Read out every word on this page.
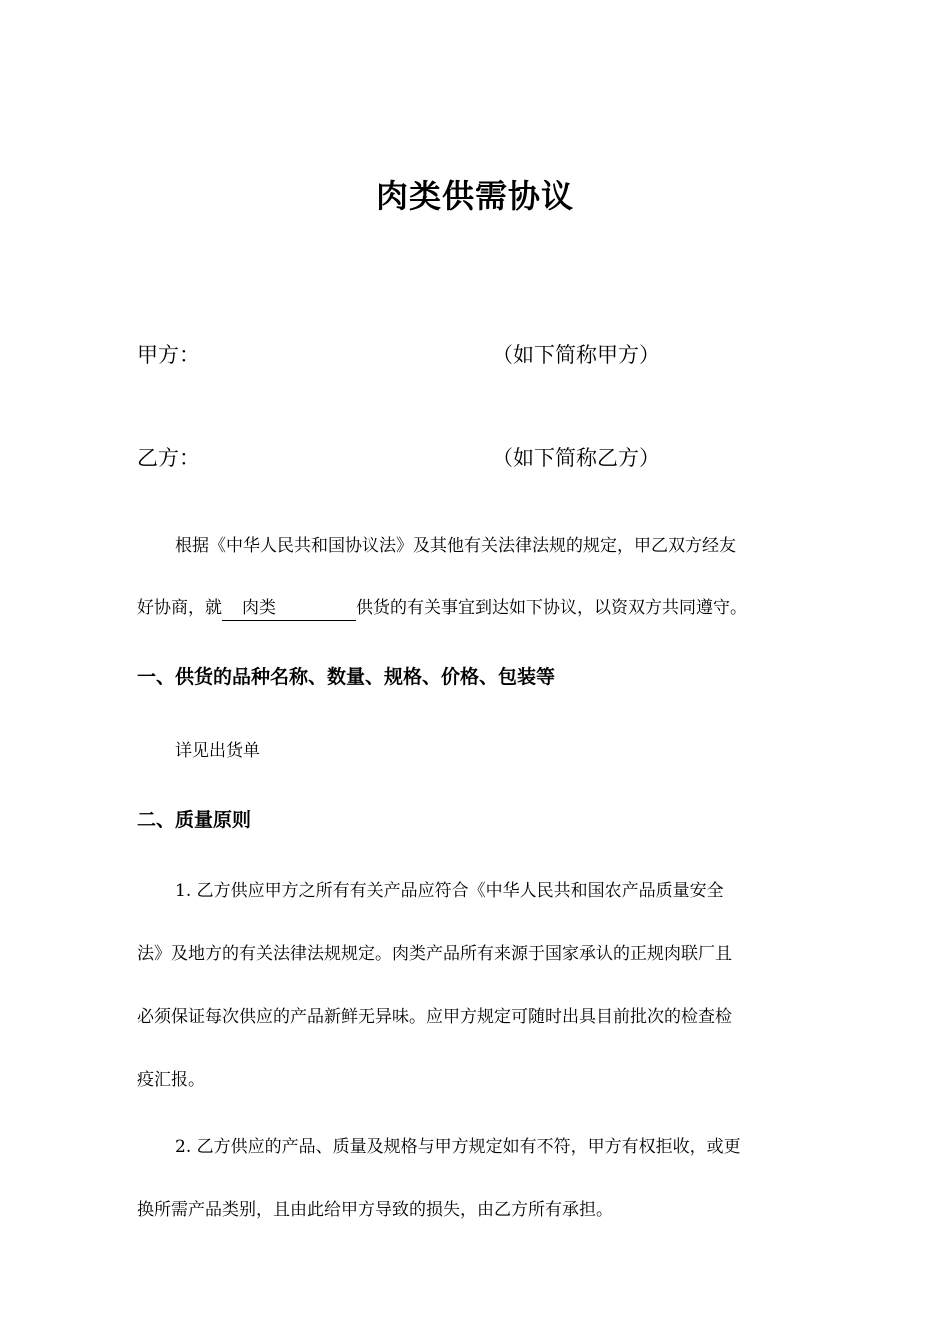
肉类供需协议
甲方：	（如下简称甲方）
乙方：	（如下简称乙方）
根据《中华人民共和国协议法》及其他有关法律法规的规定，甲乙双方经友
好协商，就 肉类	供货的有关事宜到达如下协议，以资双方共同遵守。
一、供货的品种名称、数量、规格、价格、包装等
详见出货单
二、质量原则
1. 乙方供应甲方之所有有关产品应符合《中华人民共和国农产品质量安全
法》及地方的有关法律法规规定。肉类产品所有来源于国家承认的正规肉联厂且
必须保证每次供应的产品新鲜无异味。应甲方规定可随时出具目前批次的检查检
疫汇报。
2. 乙方供应的产品、质量及规格与甲方规定如有不符，甲方有权拒收，或更
换所需产品类别，且由此给甲方导致的损失，由乙方所有承担。
